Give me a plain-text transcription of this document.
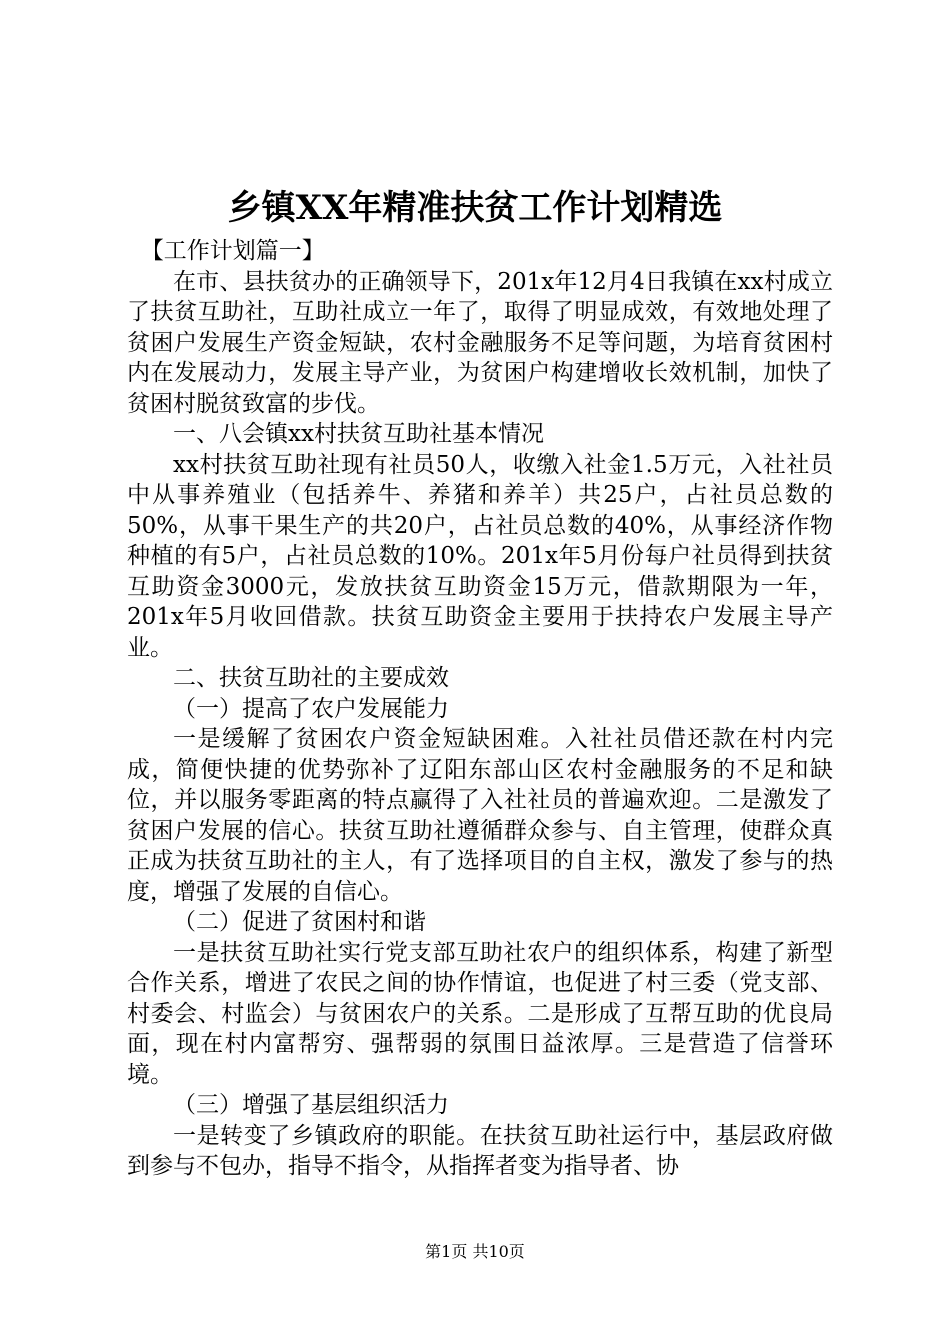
乡镇XX年精准扶贫工作计划精选

【工作计划篇一】

在市、县扶贫办的正确领导下，201x年12月4日我镇在xx村成立了扶贫互助社，互助社成立一年了，取得了明显成效，有效地处理了贫困户发展生产资金短缺，农村金融服务不足等问题，为培育贫困村内在发展动力，发展主导产业，为贫困户构建增收长效机制，加快了贫困村脱贫致富的步伐。

一、八会镇xx村扶贫互助社基本情况

xx村扶贫互助社现有社员50人，收缴入社金1.5万元，入社社员中从事养殖业（包括养牛、养猪和养羊）共25户，占社员总数的50%，从事干果生产的共20户，占社员总数的40%，从事经济作物种植的有5户，占社员总数的10%。201x年5月份每户社员得到扶贫互助资金3000元，发放扶贫互助资金15万元，借款期限为一年，201x年5月收回借款。扶贫互助资金主要用于扶持农户发展主导产业。

二、扶贫互助社的主要成效

（一）提高了农户发展能力

一是缓解了贫困农户资金短缺困难。入社社员借还款在村内完成，简便快捷的优势弥补了辽阳东部山区农村金融服务的不足和缺位，并以服务零距离的特点赢得了入社社员的普遍欢迎。二是激发了贫困户发展的信心。扶贫互助社遵循群众参与、自主管理，使群众真正成为扶贫互助社的主人，有了选择项目的自主权，激发了参与的热度，增强了发展的自信心。

（二）促进了贫困村和谐

一是扶贫互助社实行党支部互助社农户的组织体系，构建了新型合作关系，增进了农民之间的协作情谊，也促进了村三委（党支部、村委会、村监会）与贫困农户的关系。二是形成了互帮互助的优良局面，现在村内富帮穷、强帮弱的氛围日益浓厚。三是营造了信誉环境。

（三）增强了基层组织活力

一是转变了乡镇政府的职能。在扶贫互助社运行中，基层政府做到参与不包办，指导不指令，从指挥者变为指导者、协

第1页 共10页
